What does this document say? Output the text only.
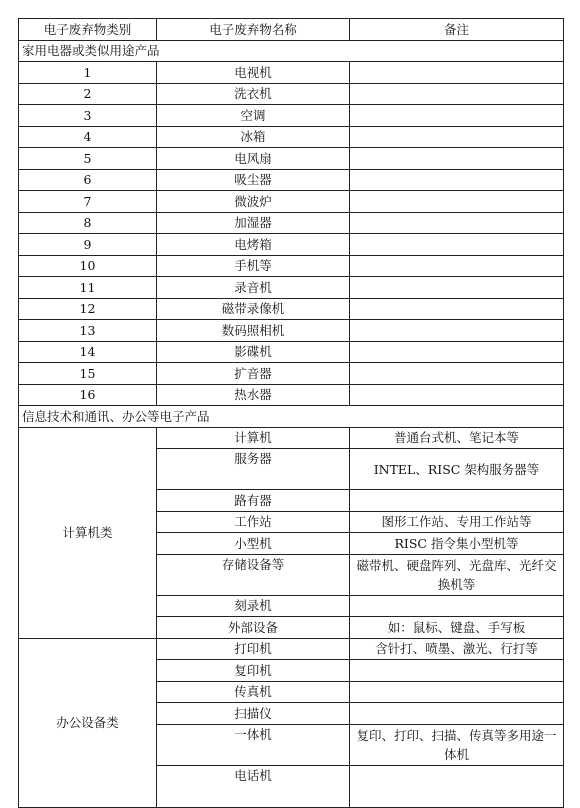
电子废弃物类别	电子废弃物名称	备注
家用电器或类似用途产品		
1	电视机	
2	洗衣机	
3	空调	
4	冰箱	
5	电风扇	
6	吸尘器	
7	微波炉	
8	加湿器	
9	电烤箱	
10	手机等	
11	录音机	
12	磁带录像机	
13	数码照相机	
14	影碟机	
15	扩音器	
16	热水器	
信息技术和通讯、办公等电子产品		
计算机类	计算机	普通台式机、笔记本等
	服务器	INTEL、RISC 架构服务器等
	路有器	
	工作站	图形工作站、专用工作站等
	小型机	RISC 指令集小型机等
	存储设备等	磁带机、硬盘阵列、光盘库、光纤交换机等
	刻录机	
	外部设备	如：鼠标、键盘、手写板
办公设备类	打印机	含针打、喷墨、激光、行打等
	复印机	
	传真机	
	扫描仪	
	一体机	复印、打印、扫描、传真等多用途一体机
	电话机	
